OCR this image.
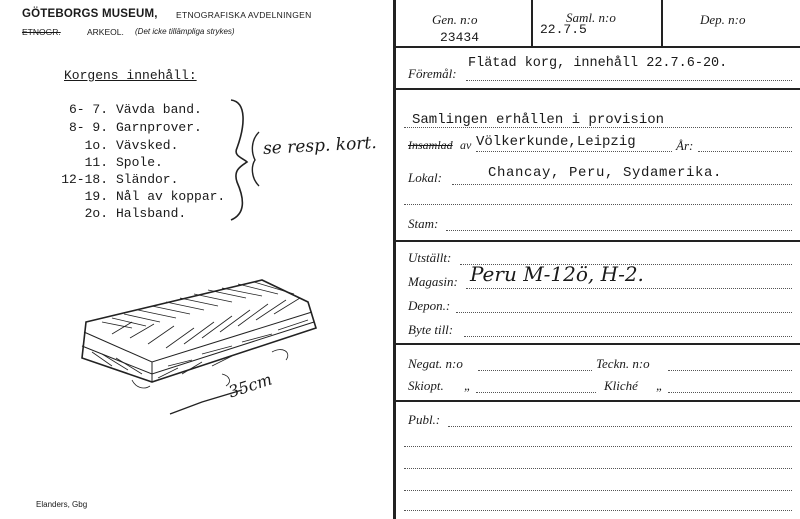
GÖTEBORGS MUSEUM, ETNOGRAFISKA AVDELNINGEN
ETNOGR.	ARKEOL. (Det icke tillämpliga strykes)
Korgens innehåll:
6- 7. Vävda band.
8- 9. Garnprover.
1o. Vävsked.
11. Spole.
12-18. Sländor.
19. Nål av koppar.
2o. Halsband.
se resp. kort.
35cm
Elanders, Gbg
Gen. n:o
23434
Saml. n:o
22.7.5
Dep. n:o
Föremål:
Flätad korg, innehåll 22.7.6-20.
Samlingen erhållen i provision
Insamlad av Völkerkunde,Leipzig	År:
Lokal:	Chancay, Peru, Sydamerika.
Stam:
Utställt:
Magasin: Peru M-12ö, H-2.
Depon.:
Byte till:
Negat. n:o	Teckn. n:o
Skiopt. „	Kliché „
Publ.:
